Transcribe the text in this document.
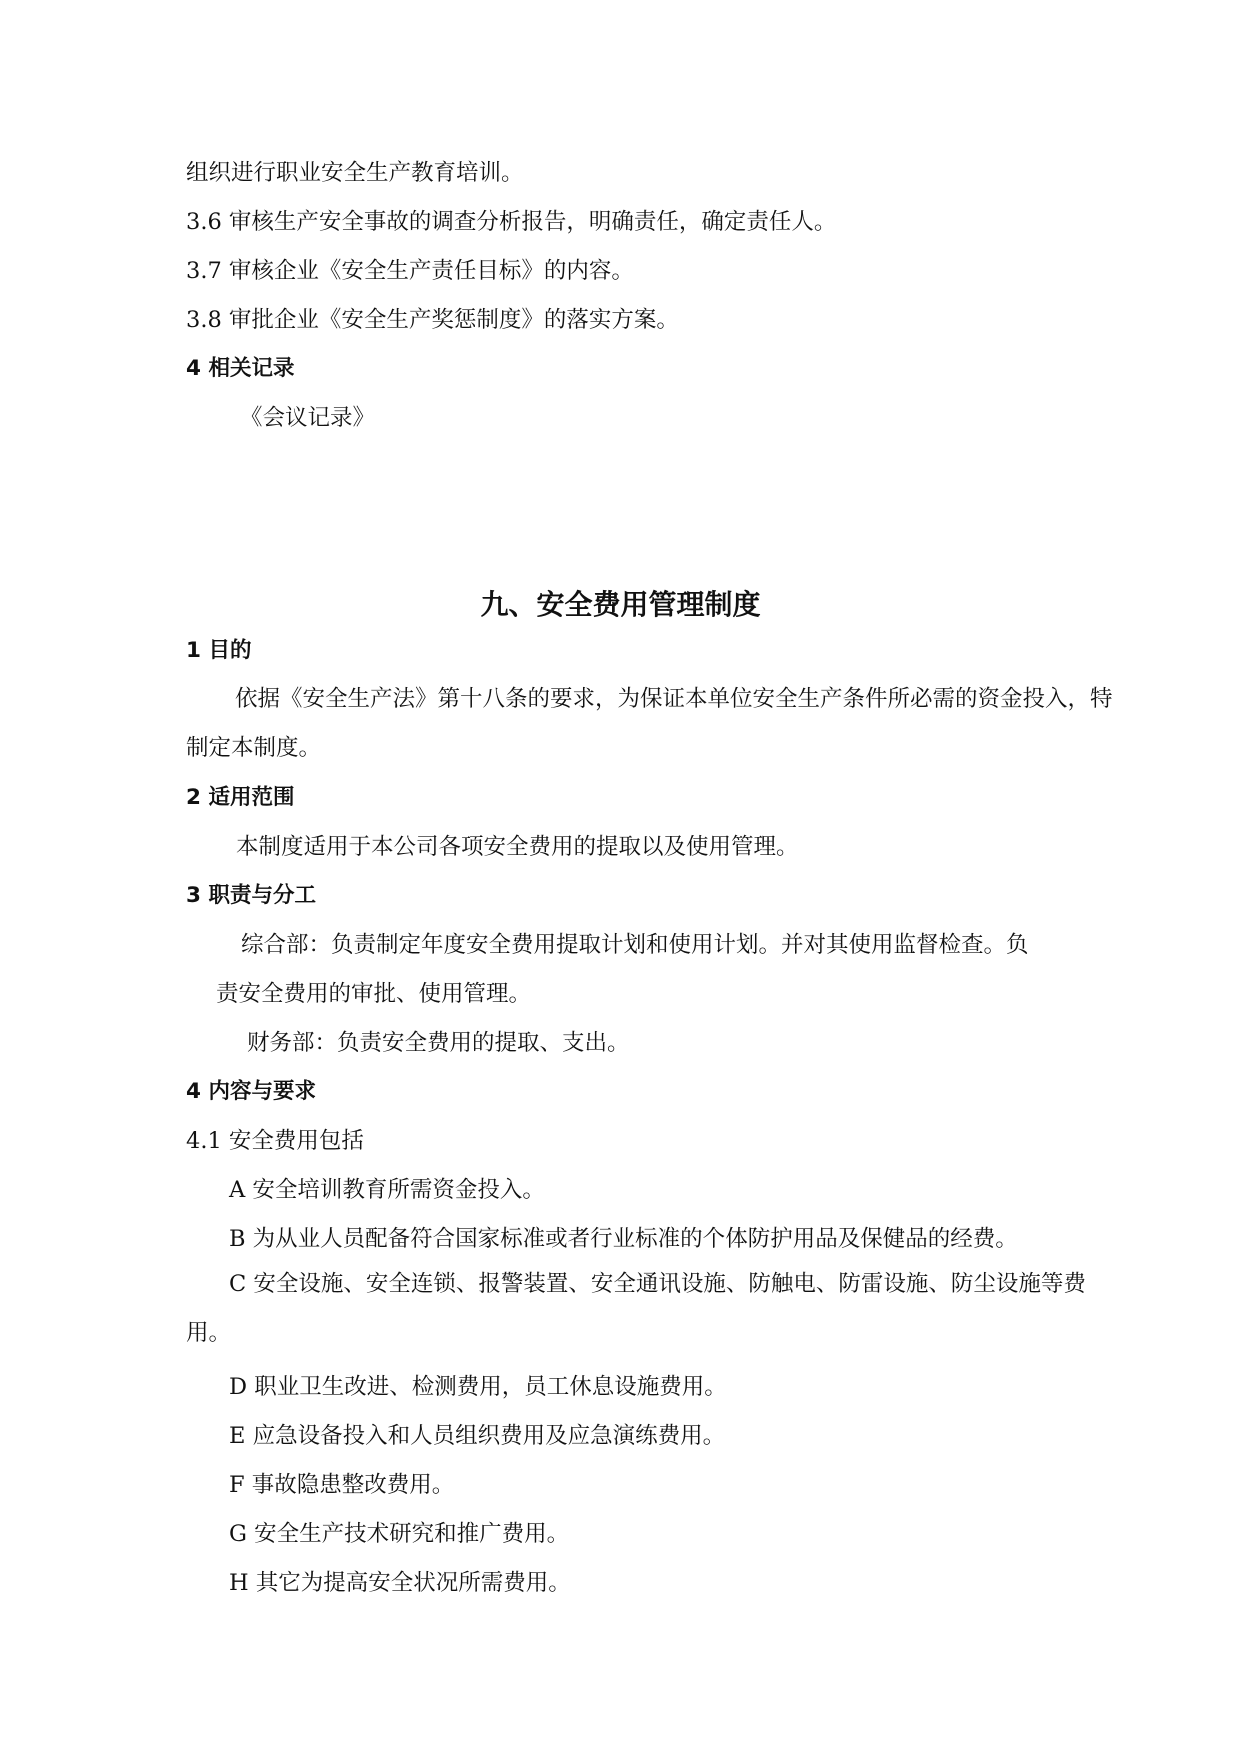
组织进行职业安全生产教育培训。
3.6 审核生产安全事故的调查分析报告，明确责任，确定责任人。
3.7 审核企业《安全生产责任目标》的内容。
3.8 审批企业《安全生产奖惩制度》的落实方案。
4 相关记录
《会议记录》
九、安全费用管理制度
1 目的

依据《安全生产法》第十八条的要求，为保证本单位安全生产条件所必需的资金投入，特制定本制度。

2 适用范围
本制度适用于本公司各项安全费用的提取以及使用管理。
3 职责与分工
综合部：负责制定年度安全费用提取计划和使用计划。并对其使用监督检查。负
责安全费用的审批、使用管理。
财务部：负责安全费用的提取、支出。
4 内容与要求
4.1 安全费用包括
A 安全培训教育所需资金投入。
B 为从业人员配备符合国家标准或者行业标准的个体防护用品及保健品的经费。

C 安全设施、安全连锁、报警装置、安全通讯设施、防触电、防雷设施、防尘设施等费用。

D 职业卫生改进、检测费用，员工休息设施费用。
E 应急设备投入和人员组织费用及应急演练费用。
F 事故隐患整改费用。
G 安全生产技术研究和推广费用。
H 其它为提高安全状况所需费用。
